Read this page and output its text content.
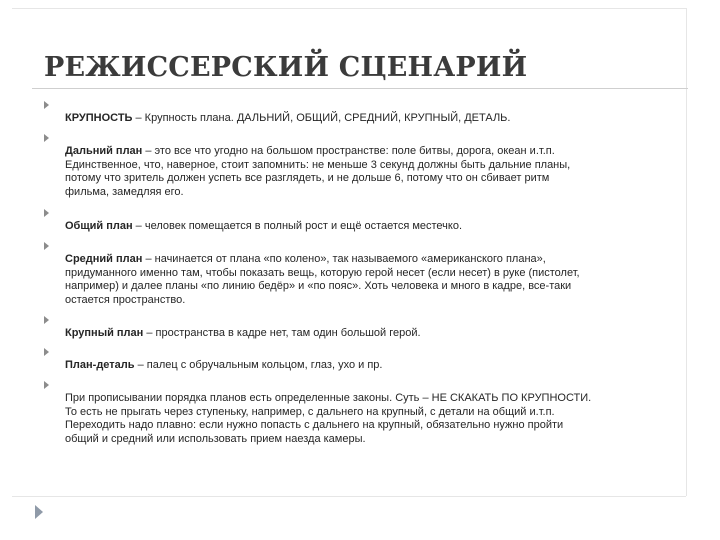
РЕЖИССЕРСКИЙ СЦЕНАРИЙ

КРУПНОСТЬ – Крупность плана. ДАЛЬНИЙ, ОБЩИЙ, СРЕДНИЙ, КРУПНЫЙ, ДЕТАЛЬ.

Дальний план – это все что угодно на большом пространстве: поле битвы, дорога, океан и.т.п.
Единственное, что, наверное, стоит запомнить: не меньше 3 секунд должны быть дальние планы,
потому что зритель должен успеть все разглядеть, и не дольше 6, потому что он сбивает ритм
фильма, замедляя его.

Общий план – человек помещается в полный рост и ещё остается местечко.

Средний план – начинается от плана «по колено», так называемого «американского плана»,
придуманного именно там, чтобы показать вещь, которую герой несет (если несет) в руке (пистолет,
например) и далее планы «по линию бедёр» и «по пояс». Хоть человека и много в кадре, все-таки
остается пространство.

Крупный план – пространства в кадре нет, там один большой герой.

План-деталь – палец с обручальным кольцом, глаз, ухо и пр.

При прописывании порядка планов есть определенные законы. Суть – НЕ СКАКАТЬ ПО КРУПНОСТИ.
То есть не прыгать через ступеньку, например, с дальнего на крупный, с детали на общий и.т.п.
Переходить надо плавно: если нужно попасть с дальнего на крупный, обязательно нужно пройти
общий и средний или использовать прием наезда камеры.
